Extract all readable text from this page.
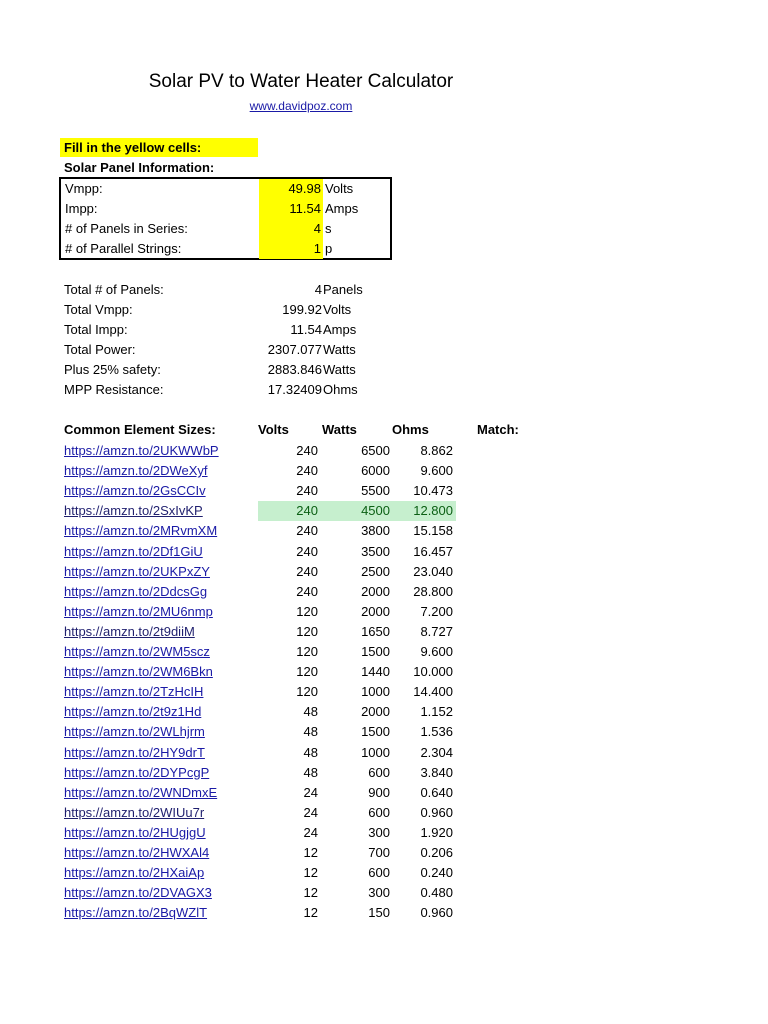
Solar PV to Water Heater Calculator
www.davidpoz.com
Fill in the yellow cells:
Solar Panel Information:
Vmpp:	49.98 Volts
Impp:	11.54 Amps
# of Panels in Series:	4 s
# of Parallel Strings:	1 p
Total # of Panels:	4 Panels
Total Vmpp:	199.92 Volts
Total Impp:	11.54 Amps
Total Power:	2307.077 Watts
Plus 25% safety:	2883.846 Watts
MPP Resistance:	17.32409 Ohms
Common Element Sizes:	Volts	Watts	Ohms	Match:
https://amzn.to/2UKWWbP	240	6500	8.862
https://amzn.to/2DWeXyf	240	6000	9.600
https://amzn.to/2GsCCIv	240	5500	10.473
https://amzn.to/2SxIvKP	240	4500	12.800
https://amzn.to/2MRvmXM	240	3800	15.158
https://amzn.to/2Df1GiU	240	3500	16.457
https://amzn.to/2UKPxZY	240	2500	23.040
https://amzn.to/2DdcsGg	240	2000	28.800
https://amzn.to/2MU6nmp	120	2000	7.200
https://amzn.to/2t9diiM	120	1650	8.727
https://amzn.to/2WM5scz	120	1500	9.600
https://amzn.to/2WM6Bkn	120	1440	10.000
https://amzn.to/2TzHcIH	120	1000	14.400
https://amzn.to/2t9z1Hd	48	2000	1.152
https://amzn.to/2WLhjrm	48	1500	1.536
https://amzn.to/2HY9drT	48	1000	2.304
https://amzn.to/2DYPcgP	48	600	3.840
https://amzn.to/2WNDmxE	24	900	0.640
https://amzn.to/2WIUu7r	24	600	0.960
https://amzn.to/2HUgjgU	24	300	1.920
https://amzn.to/2HWXAl4	12	700	0.206
https://amzn.to/2HXaiAp	12	600	0.240
https://amzn.to/2DVAGX3	12	300	0.480
https://amzn.to/2BqWZlT	12	150	0.960
